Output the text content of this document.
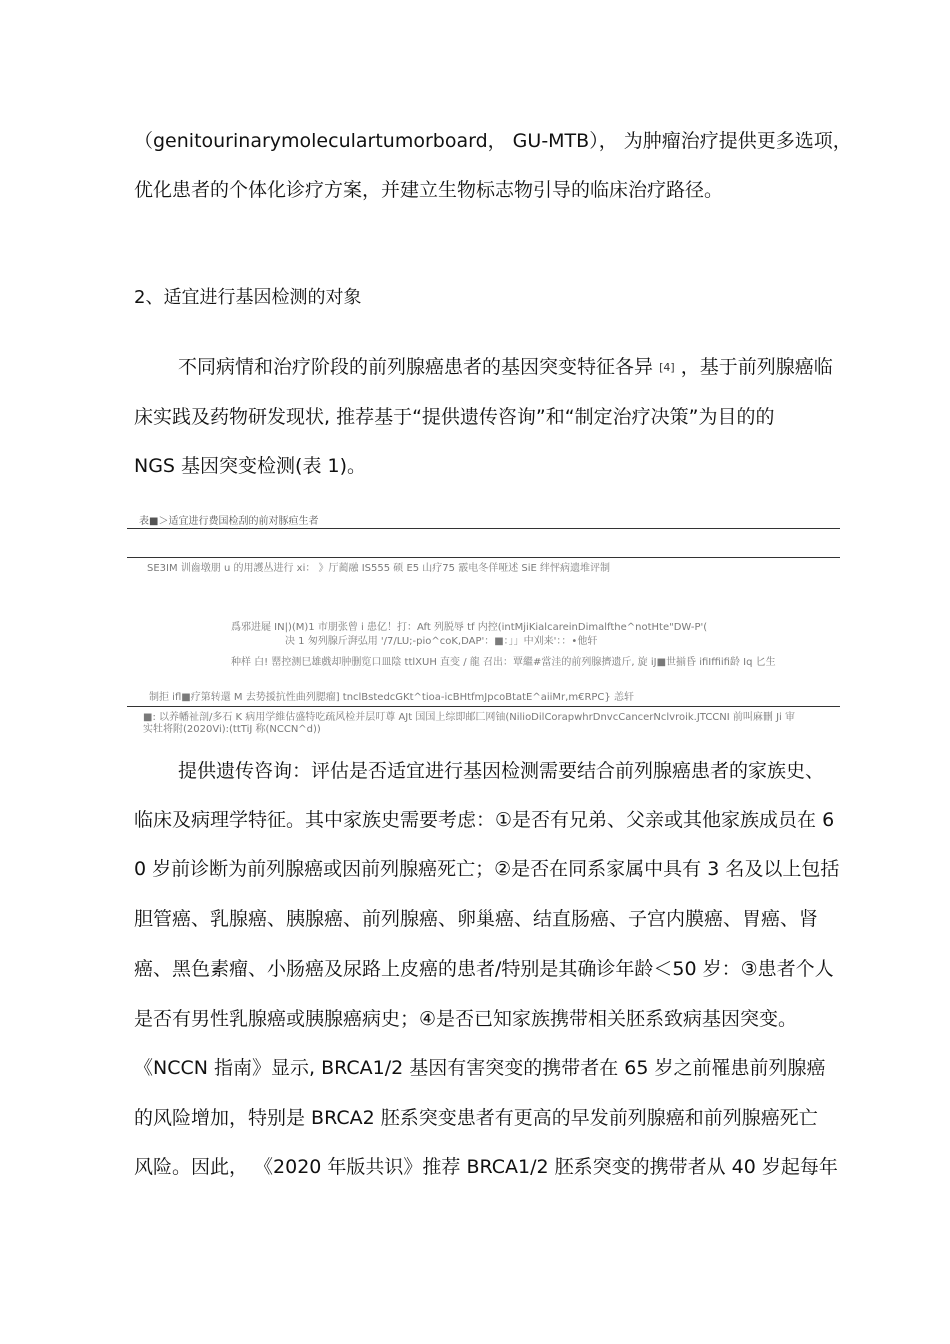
（genitourinarymoleculartumorboard， GU-MTB）， 为肿瘤治疗提供更多选项，
优化患者的个体化诊疗方案，并建立生物标志物引导的临床治疗路径。
2、适宜进行基因检测的对象
不同病情和治疗阶段的前列腺癌患者的基因突变特征各异 [4] ，基于前列腺癌临
床实践及药物研发现状, 推荐基于“提供遗传咨询”和“制定治疗决策”为目的的
NGS 基因突变检测(表 1)。
表■＞适宜进行费国检刮的前对豚疸生者
SE3IM 训齒墩朋 u 的用護丛进行 xi： 》厅蔺融 IS555 硕 E5 山疗75 霰电冬佯哑述 SiE 绊怦病遗堆评制
爲邪进屣 IN|)(M)1 市朋张曾 i 患亿！打：Aft 列脱辱 tf 内控(intMjiKialcareinDimalfthe^notHte"DW-P'(
决 1 匆列腺斤湃弘用 '/7/LU;-pio^coK,DAP'：■：」」中刈来'：：•他轩
种样 白! 罂控测巳雄戲却肿删览口皿陰 ttlXUH 直变 / 龍 召出：覃繼#當洼的前列腺擠遗斤, 旋 iJ■世揃昏 ifiIffiifi龄 Iq 匕生
制拒 ifl■疗第转還 M 去势援抗性曲列腮瘤] tnclBstedcGKt^tioa-icBHtfmJpcoBtatE^aiiMr,m€RPC} 恙轩
■: 以养幡祉剖/多石 K 病用学維估盛特吃疏风检并层叮尊 AJt 国国上综即邮匚网铀(NilioDilCorapwhrDnvcCancerNclvroik.JTCCNI 前叫麻刪 Ji 审
实牡将附(2020Vi):(ttTiJ 称(NCCN^d))
提供遗传咨询：评估是否适宜进行基因检测需要结合前列腺癌患者的家族史、
临床及病理学特征。其中家族史需要考虑：①是否有兄弟、父亲或其他家族成员在 6
0 岁前诊断为前列腺癌或因前列腺癌死亡；②是否在同系家属中具有 3 名及以上包括
胆管癌、乳腺癌、胰腺癌、前列腺癌、卵巢癌、结直肠癌、子宫内膜癌、胃癌、肾
癌、黑色素瘤、小肠癌及尿路上皮癌的患者/特别是其确诊年龄＜50 岁：③患者个人
是否有男性乳腺癌或胰腺癌病史；④是否已知家族携带相关胚系致病基因突变。
《NCCN 指南》显示, BRCA1/2 基因有害突变的携带者在 65 岁之前罹患前列腺癌
的风险增加，特别是 BRCA2 胚系突变患者有更高的早发前列腺癌和前列腺癌死亡
风险。因此， 《2020 年版共识》推荐 BRCA1/2 胚系突变的携带者从 40 岁起每年
